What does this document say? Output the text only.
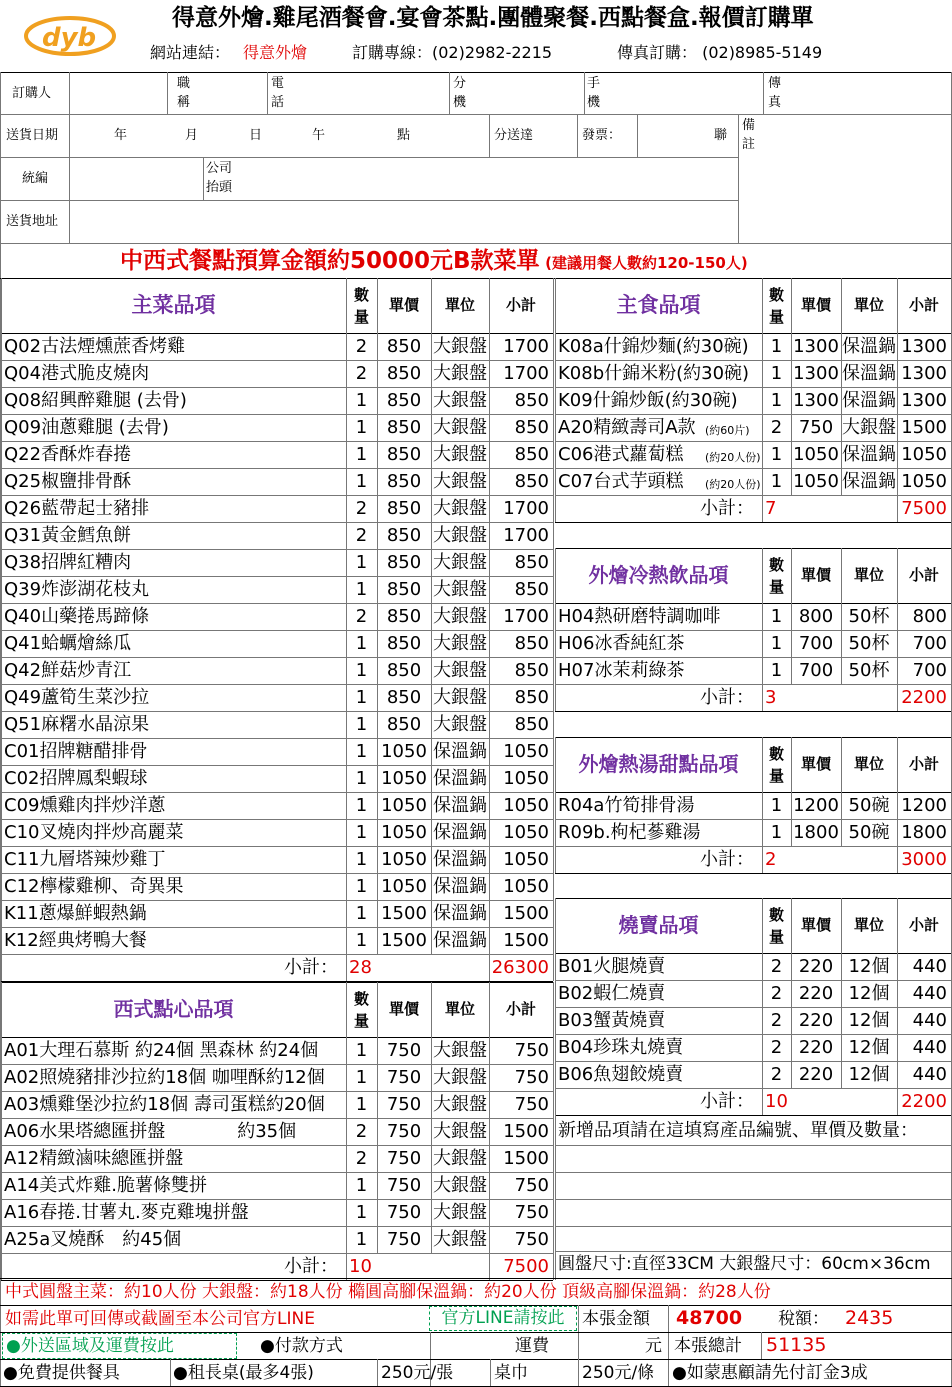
dyb
得意外燴.雞尾酒餐會.宴會茶點.團體聚餐.西點餐盒.報價訂購單
網站連結： 得意外燴	訂購專線：(02)2982-2215	傳真訂購： (02)8985-5149
訂購人
職
稱
電
話
分
機
手
機
傳
真
送貨日期	年	月	日	午	點	分送達	發票：	聯
備
註
統編
公司
抬頭
送貨地址
中西式餐點預算金額約50000元B款菜單 (建議用餐人數約120-150人)
主菜品項	數
量
單價	單位	小計
Q02古法煙燻蔗香烤雞	2	850 大銀盤 1700
Q04港式脆皮燒肉	2	850 大銀盤 1700
Q08紹興醉雞腿 (去骨)	1	850 大銀盤	850
Q09油蔥雞腿 (去骨)	1	850 大銀盤	850
Q22香酥炸春捲	1	850 大銀盤	850
Q25椒鹽排骨酥	1	850 大銀盤	850
Q26藍帶起士豬排	2	850 大銀盤 1700
Q31黃金鱈魚餅	2	850 大銀盤 1700
Q38招牌紅糟肉	1	850 大銀盤	850
Q39炸澎湖花枝丸	1	850 大銀盤	850
Q40山藥捲馬蹄條	2	850 大銀盤 1700
Q41蛤蠣燴絲瓜	1	850 大銀盤	850
Q42鮮菇炒青江	1	850 大銀盤	850
Q49蘆筍生菜沙拉	1	850 大銀盤	850
Q51麻糬水晶涼果	1	850 大銀盤	850
C01招牌糖醋排骨	1 1050 保溫鍋 1050
C02招牌鳳梨蝦球	1 1050 保溫鍋 1050
C09燻雞肉拌炒洋蔥	1 1050 保溫鍋 1050
C10叉燒肉拌炒高麗菜	1 1050 保溫鍋 1050
C11九層塔辣炒雞丁	1 1050 保溫鍋 1050
C12檸檬雞柳、奇異果	1 1050 保溫鍋 1050
K11蔥爆鮮蝦熱鍋	1 1500 保溫鍋 1500
K12經典烤鴨大餐	1 1500 保溫鍋 1500
小計： 28	26300
西式點心品項	數
量
單價	單位	小計
A01大理石慕斯 約24個 黑森林 約24個	1	750 大銀盤	750
A02照燒豬排沙拉約18個 咖哩酥約12個	1	750 大銀盤	750
A03燻雞堡沙拉約18個 壽司蛋糕約20個	1	750 大銀盤	750
A06水果塔總匯拼盤　　　　約35個	2	750 大銀盤 1500
A12精緻滷味總匯拼盤	2	750 大銀盤 1500
A14美式炸雞.脆薯條雙拼	1	750 大銀盤	750
A16春捲.甘薯丸.麥克雞塊拼盤	1	750 大銀盤	750
A25a叉燒酥　約45個	1	750 大銀盤	750
小計： 10	7500
主食品項	數
量
單價	單位	小計
K08a什錦炒麵(約30碗)	1 1300 保溫鍋 1300
K08b什錦米粉(約30碗)	1 1300 保溫鍋 1300
K09什錦炒飯(約30碗)	1 1300 保溫鍋 1300
A20精緻壽司A款 (約60片)	2 750 大銀盤 1500
C06港式蘿蔔糕	(約20人份) 1 1050 保溫鍋 1050
C07台式芋頭糕	(約20人份) 1 1050 保溫鍋 1050
小計： 7	7500
外燴冷熱飲品項	數
量
單價	單位	小計
H04熱研磨特調咖啡	1 800 50杯	800
H06冰香純紅茶	1 700 50杯	700
H07冰茉莉綠茶	1 700 50杯	700
小計： 3	2200
外燴熱湯甜點品項	數
量
單價	單位	小計
R04a竹筍排骨湯	1 1200 50碗 1200
R09b.枸杞蔘雞湯	1 1800 50碗 1800
小計： 2	3000
燒賣品項	數
量
單價	單位	小計
B01火腿燒賣	2 220 12個	440
B02蝦仁燒賣	2 220 12個	440
B03蟹黃燒賣	2 220 12個	440
B04珍珠丸燒賣	2 220 12個	440
B06魚翅餃燒賣	2 220 12個	440
小計： 10	2200
新增品項請在這填寫產品編號、單價及數量：
圓盤尺寸:直徑33CM 大銀盤尺寸：60cm×36cm
中式圓盤主菜：約10人份 大銀盤：約18人份 橢圓高腳保溫鍋：約20人份 頂級高腳保溫鍋：約28人份
如需此單可回傳或截圖至本公司官方LINE	官方LINE請按此	本張金額 48700 稅額： 2435
●外送區域及運費按此	●付款方式	運費	元 本張總計 51135
●免費提供餐具	●租長桌(最多4張)	250元/張 桌巾	250元/條 ●如蒙惠顧請先付訂金3成
